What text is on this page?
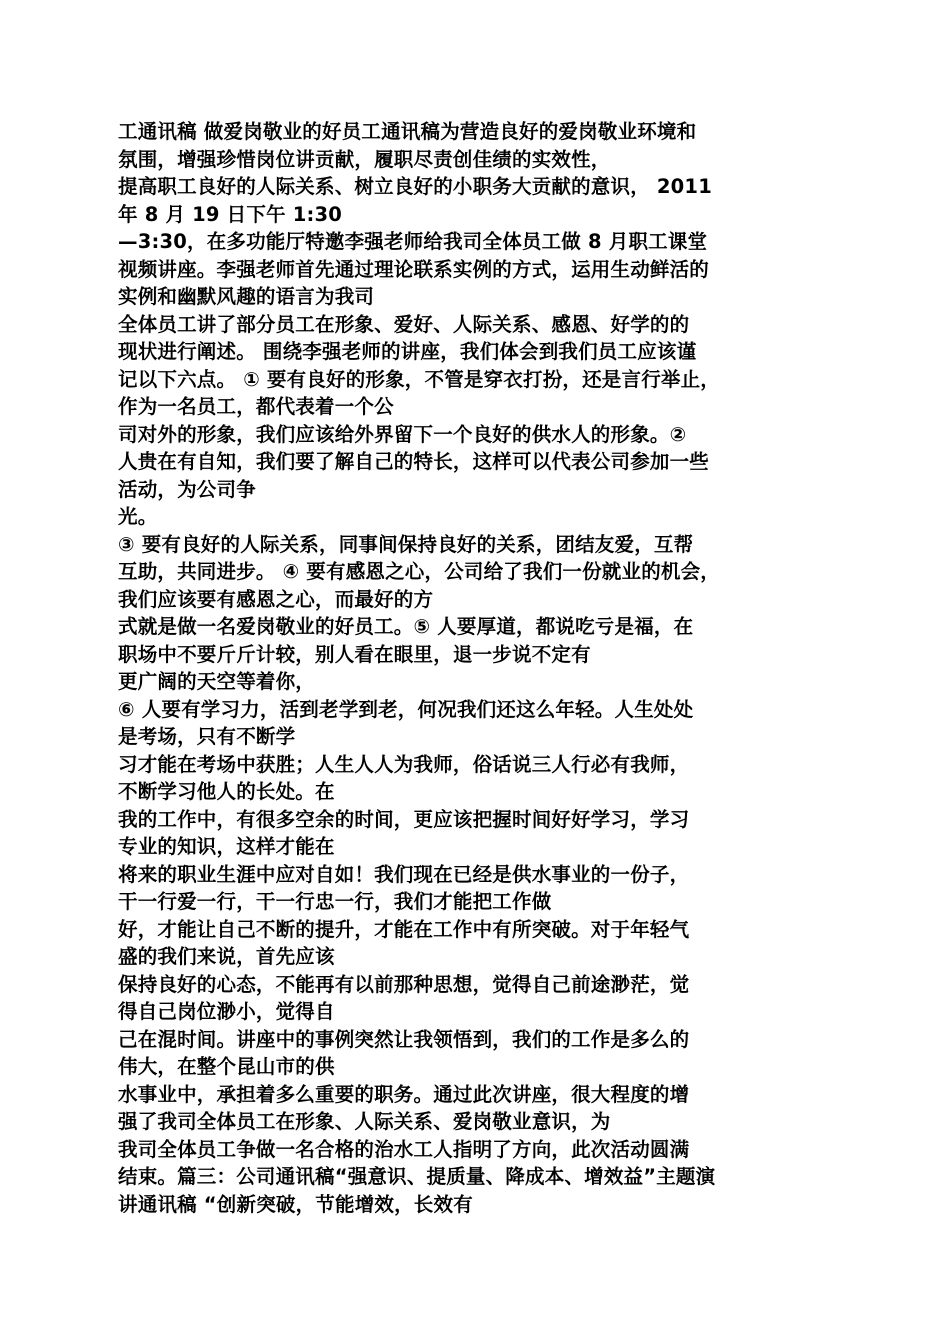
工通讯稿 做爱岗敬业的好员工通讯稿为营造良好的爱岗敬业环境和
氛围，增强珍惜岗位讲贡献，履职尽责创佳绩的实效性，
提高职工良好的人际关系、树立良好的小职务大贡献的意识， 2011
年 8 月 19 日下午 1:30
—3:30，在多功能厅特邀李强老师给我司全体员工做 8 月职工课堂
视频讲座。李强老师首先通过理论联系实例的方式，运用生动鲜活的
实例和幽默风趣的语言为我司
全体员工讲了部分员工在形象、爱好、人际关系、感恩、好学的的
现状进行阐述。 围绕李强老师的讲座，我们体会到我们员工应该谨
记以下六点。 ① 要有良好的形象，不管是穿衣打扮，还是言行举止，
作为一名员工，都代表着一个公
司对外的形象，我们应该给外界留下一个良好的供水人的形象。②
人贵在有自知，我们要了解自己的特长，这样可以代表公司参加一些
活动，为公司争
光。
③ 要有良好的人际关系，同事间保持良好的关系，团结友爱，互帮
互助，共同进步。 ④ 要有感恩之心，公司给了我们一份就业的机会，
我们应该要有感恩之心，而最好的方
式就是做一名爱岗敬业的好员工。⑤ 人要厚道，都说吃亏是福，在
职场中不要斤斤计较，别人看在眼里，退一步说不定有
更广阔的天空等着你，
⑥ 人要有学习力，活到老学到老，何况我们还这么年轻。人生处处
是考场，只有不断学
习才能在考场中获胜；人生人人为我师，俗话说三人行必有我师，
不断学习他人的长处。在
我的工作中，有很多空余的时间，更应该把握时间好好学习，学习
专业的知识，这样才能在
将来的职业生涯中应对自如！我们现在已经是供水事业的一份子，
干一行爱一行，干一行忠一行，我们才能把工作做
好，才能让自己不断的提升，才能在工作中有所突破。对于年轻气
盛的我们来说，首先应该
保持良好的心态，不能再有以前那种思想，觉得自己前途渺茫，觉
得自己岗位渺小，觉得自
己在混时间。讲座中的事例突然让我领悟到，我们的工作是多么的
伟大，在整个昆山市的供
水事业中，承担着多么重要的职务。通过此次讲座，很大程度的增
强了我司全体员工在形象、人际关系、爱岗敬业意识，为
我司全体员工争做一名合格的治水工人指明了方向，此次活动圆满
结束。篇三：公司通讯稿“强意识、提质量、降成本、增效益”主题演
讲通讯稿 “创新突破，节能增效，长效有
